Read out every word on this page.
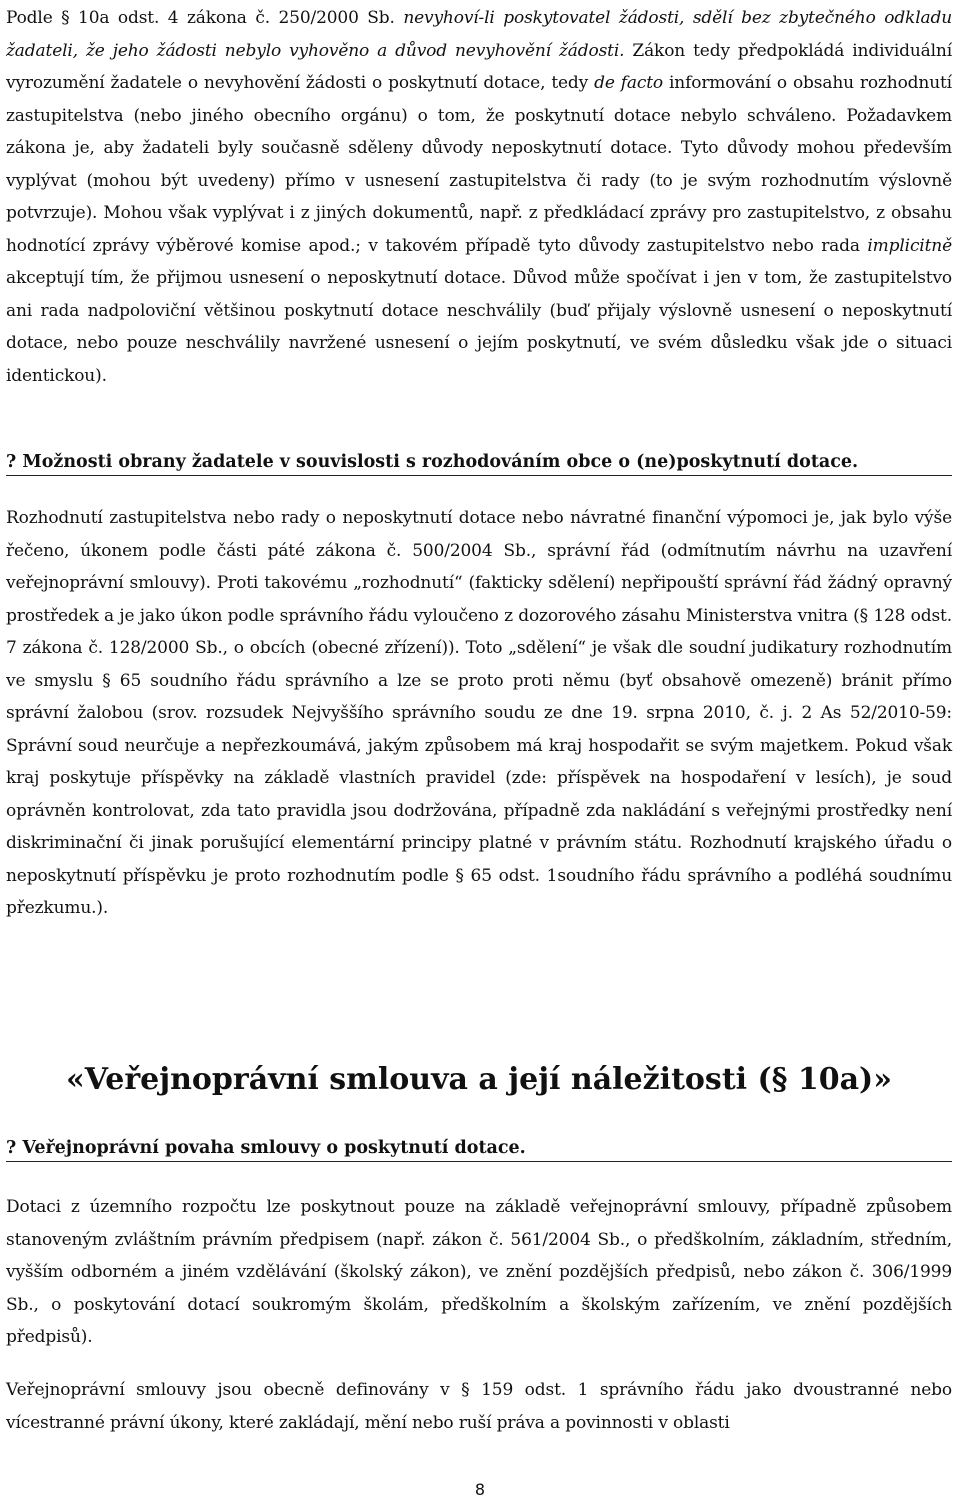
Podle § 10a odst. 4 zákona č. 250/2000 Sb. nevyhoví-li poskytovatel žádosti, sdělí bez zbytečného odkladu žadateli, že jeho žádosti nebylo vyhověno a důvod nevyhovění žádosti. Zákon tedy předpokládá individuální vyrozumění žadatele o nevyhovění žádosti o poskytnutí dotace, tedy de facto informování o obsahu rozhodnutí zastupitelstva (nebo jiného obecního orgánu) o tom, že poskytnutí dotace nebylo schváleno. Požadavkem zákona je, aby žadateli byly současně sděleny důvody neposkytnutí dotace. Tyto důvody mohou především vyplývat (mohou být uvedeny) přímo v usnesení zastupitelstva či rady (to je svým rozhodnutím výslovně potvrzuje). Mohou však vyplývat i z jiných dokumentů, např. z předkládací zprávy pro zastupitelstvo, z obsahu hodnotící zprávy výběrové komise apod.; v takovém případě tyto důvody zastupitelstvo nebo rada implicitně akceptují tím, že přijmou usnesení o neposkytnutí dotace. Důvod může spočívat i jen v tom, že zastupitelstvo ani rada nadpoloviční většinou poskytnutí dotace neschválily (buď přijaly výslovně usnesení o neposkytnutí dotace, nebo pouze neschválily navržené usnesení o jejím poskytnutí, ve svém důsledku však jde o situaci identickou).

? Možnosti obrany žadatele v souvislosti s rozhodováním obce o (ne)poskytnutí dotace.

Rozhodnutí zastupitelstva nebo rady o neposkytnutí dotace nebo návratné finanční výpomoci je, jak bylo výše řečeno, úkonem podle části páté zákona č. 500/2004 Sb., správní řád (odmítnutím návrhu na uzavření veřejnoprávní smlouvy). Proti takovému „rozhodnutí“ (fakticky sdělení) nepřipouští správní řád žádný opravný prostředek a je jako úkon podle správního řádu vyloučeno z dozorového zásahu Ministerstva vnitra (§ 128 odst. 7 zákona č. 128/2000 Sb., o obcích (obecné zřízení)). Toto „sdělení“ je však dle soudní judikatury rozhodnutím ve smyslu § 65 soudního řádu správního a lze se proto proti němu (byť obsahově omezeně) bránit přímo správní žalobou (srov. rozsudek Nejvyššího správního soudu ze dne 19. srpna 2010, č. j. 2 As 52/2010-59: Správní soud neurčuje a nepřezkoumává, jakým způsobem má kraj hospodařit se svým majetkem. Pokud však kraj poskytuje příspěvky na základě vlastních pravidel (zde: příspěvek na hospodaření v lesích), je soud oprávněn kontrolovat, zda tato pravidla jsou dodržována, případně zda nakládání s veřejnými prostředky není diskriminační či jinak porušující elementární principy platné v právním státu. Rozhodnutí krajského úřadu o neposkytnutí příspěvku je proto rozhodnutím podle § 65 odst. 1soudního řádu správního a podléhá soudnímu přezkumu.).

«Veřejnoprávní smlouva a její náležitosti (§ 10a)»
? Veřejnoprávní povaha smlouvy o poskytnutí dotace.

Dotaci z územního rozpočtu lze poskytnout pouze na základě veřejnoprávní smlouvy, případně způsobem stanoveným zvláštním právním předpisem (např. zákon č. 561/2004 Sb., o předškolním, základním, středním, vyšším odborném a jiném vzdělávání (školský zákon), ve znění pozdějších předpisů, nebo zákon č. 306/1999 Sb., o poskytování dotací soukromým školám, předškolním a školským zařízením, ve znění pozdějších předpisů).

Veřejnoprávní smlouvy jsou obecně definovány v § 159 odst. 1 správního řádu jako dvoustranné nebo vícestranné právní úkony, které zakládají, mění nebo ruší práva a povinnosti v oblasti

8
